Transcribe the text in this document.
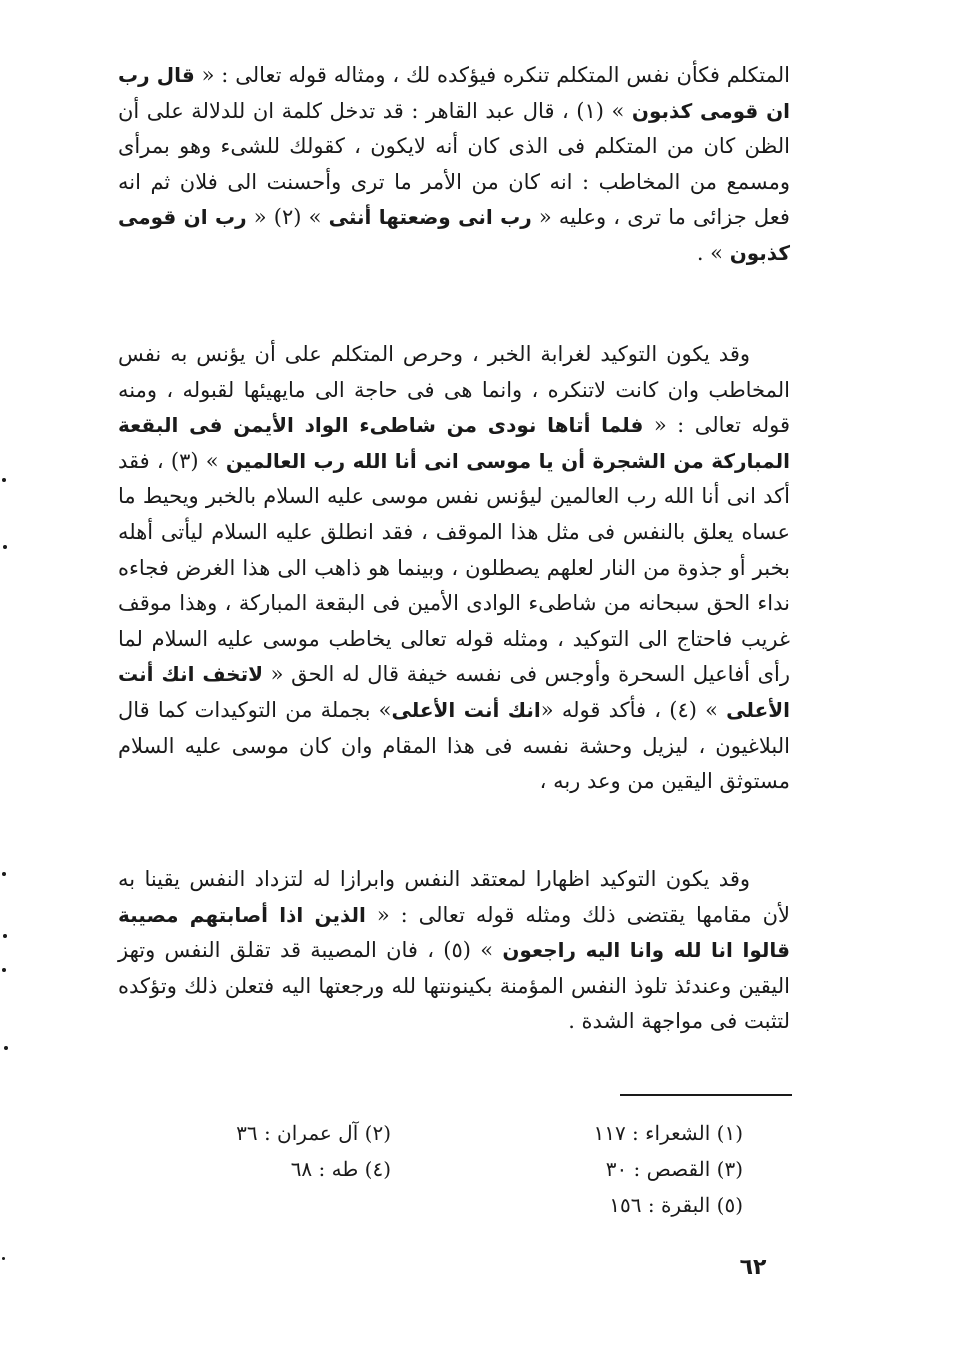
المتكلم فكأن نفس المتكلم تنكره فيؤكده لك ، ومثاله قوله تعالى : « قال رب ان قومى كذبون » (١) ، قال عبد القاهر : قد تدخل كلمة ان للدلالة على أن الظن كان من المتكلم فى الذى كان أنه لايكون ، كقولك للشىء وهو بمرأى ومسمع من المخاطب : انه كان من الأمر ما ترى وأحسنت الى فلان ثم انه فعل جزائى ما ترى ، وعليه « رب انى وضعتها أنثى » (٢) « رب ان قومى كذبون » .

وقد يكون التوكيد لغرابة الخبر ، وحرص المتكلم على أن يؤنس به نفس المخاطب وان كانت لاتنكره ، وانما هى فى حاجة الى مايهيئها لقبوله ، ومنه قوله تعالى : « فلما أتاها نودى من شاطىء الواد الأيمن فى البقعة المباركة من الشجرة أن يا موسى انى أنا الله رب العالمين » (٣) ، فقد أكد انى أنا الله رب العالمين ليؤنس نفس موسى عليه السلام بالخبر ويحيط ما عساه يعلق بالنفس فى مثل هذا الموقف ، فقد انطلق عليه السلام ليأتى أهله بخبر أو جذوة من النار لعلهم يصطلون ، وبينما هو ذاهب الى هذا الغرض فجاءه نداء الحق سبحانه من شاطىء الوادى الأمين فى البقعة المباركة ، وهذا موقف غريب فاحتاج الى التوكيد ، ومثله قوله تعالى يخاطب موسى عليه السلام لما رأى أفاعيل السحرة وأوجس فى نفسه خيفة قال له الحق « لاتخف انك أنت الأعلى » (٤) ، فأكد قوله «انك أنت الأعلى» بجملة من التوكيدات كما قال البلاغيون ، ليزيل وحشة نفسه فى هذا المقام وان كان موسى عليه السلام مستوثق اليقين من وعد ربه ،

وقد يكون التوكيد اظهارا لمعتقد النفس وابرازا له لتزداد النفس يقينا به لأن مقامها يقتضى ذلك ومثله قوله تعالى : « الذين اذا أصابتهم مصيبة قالوا انا لله وانا اليه راجعون » (٥) ، فان المصيبة قد تقلق النفس وتهز اليقين وعندئذ تلوذ النفس المؤمنة بكينونتها لله ورجعتها اليه فتعلن ذلك وتؤكده لتثبت فى مواجهة الشدة .

(١) الشعراء : ١١٧
(٣) القصص : ٣٠
(٥) البقرة : ١٥٦
(٢) آل عمران : ٣٦
(٤) طه : ٦٨
٦٢
